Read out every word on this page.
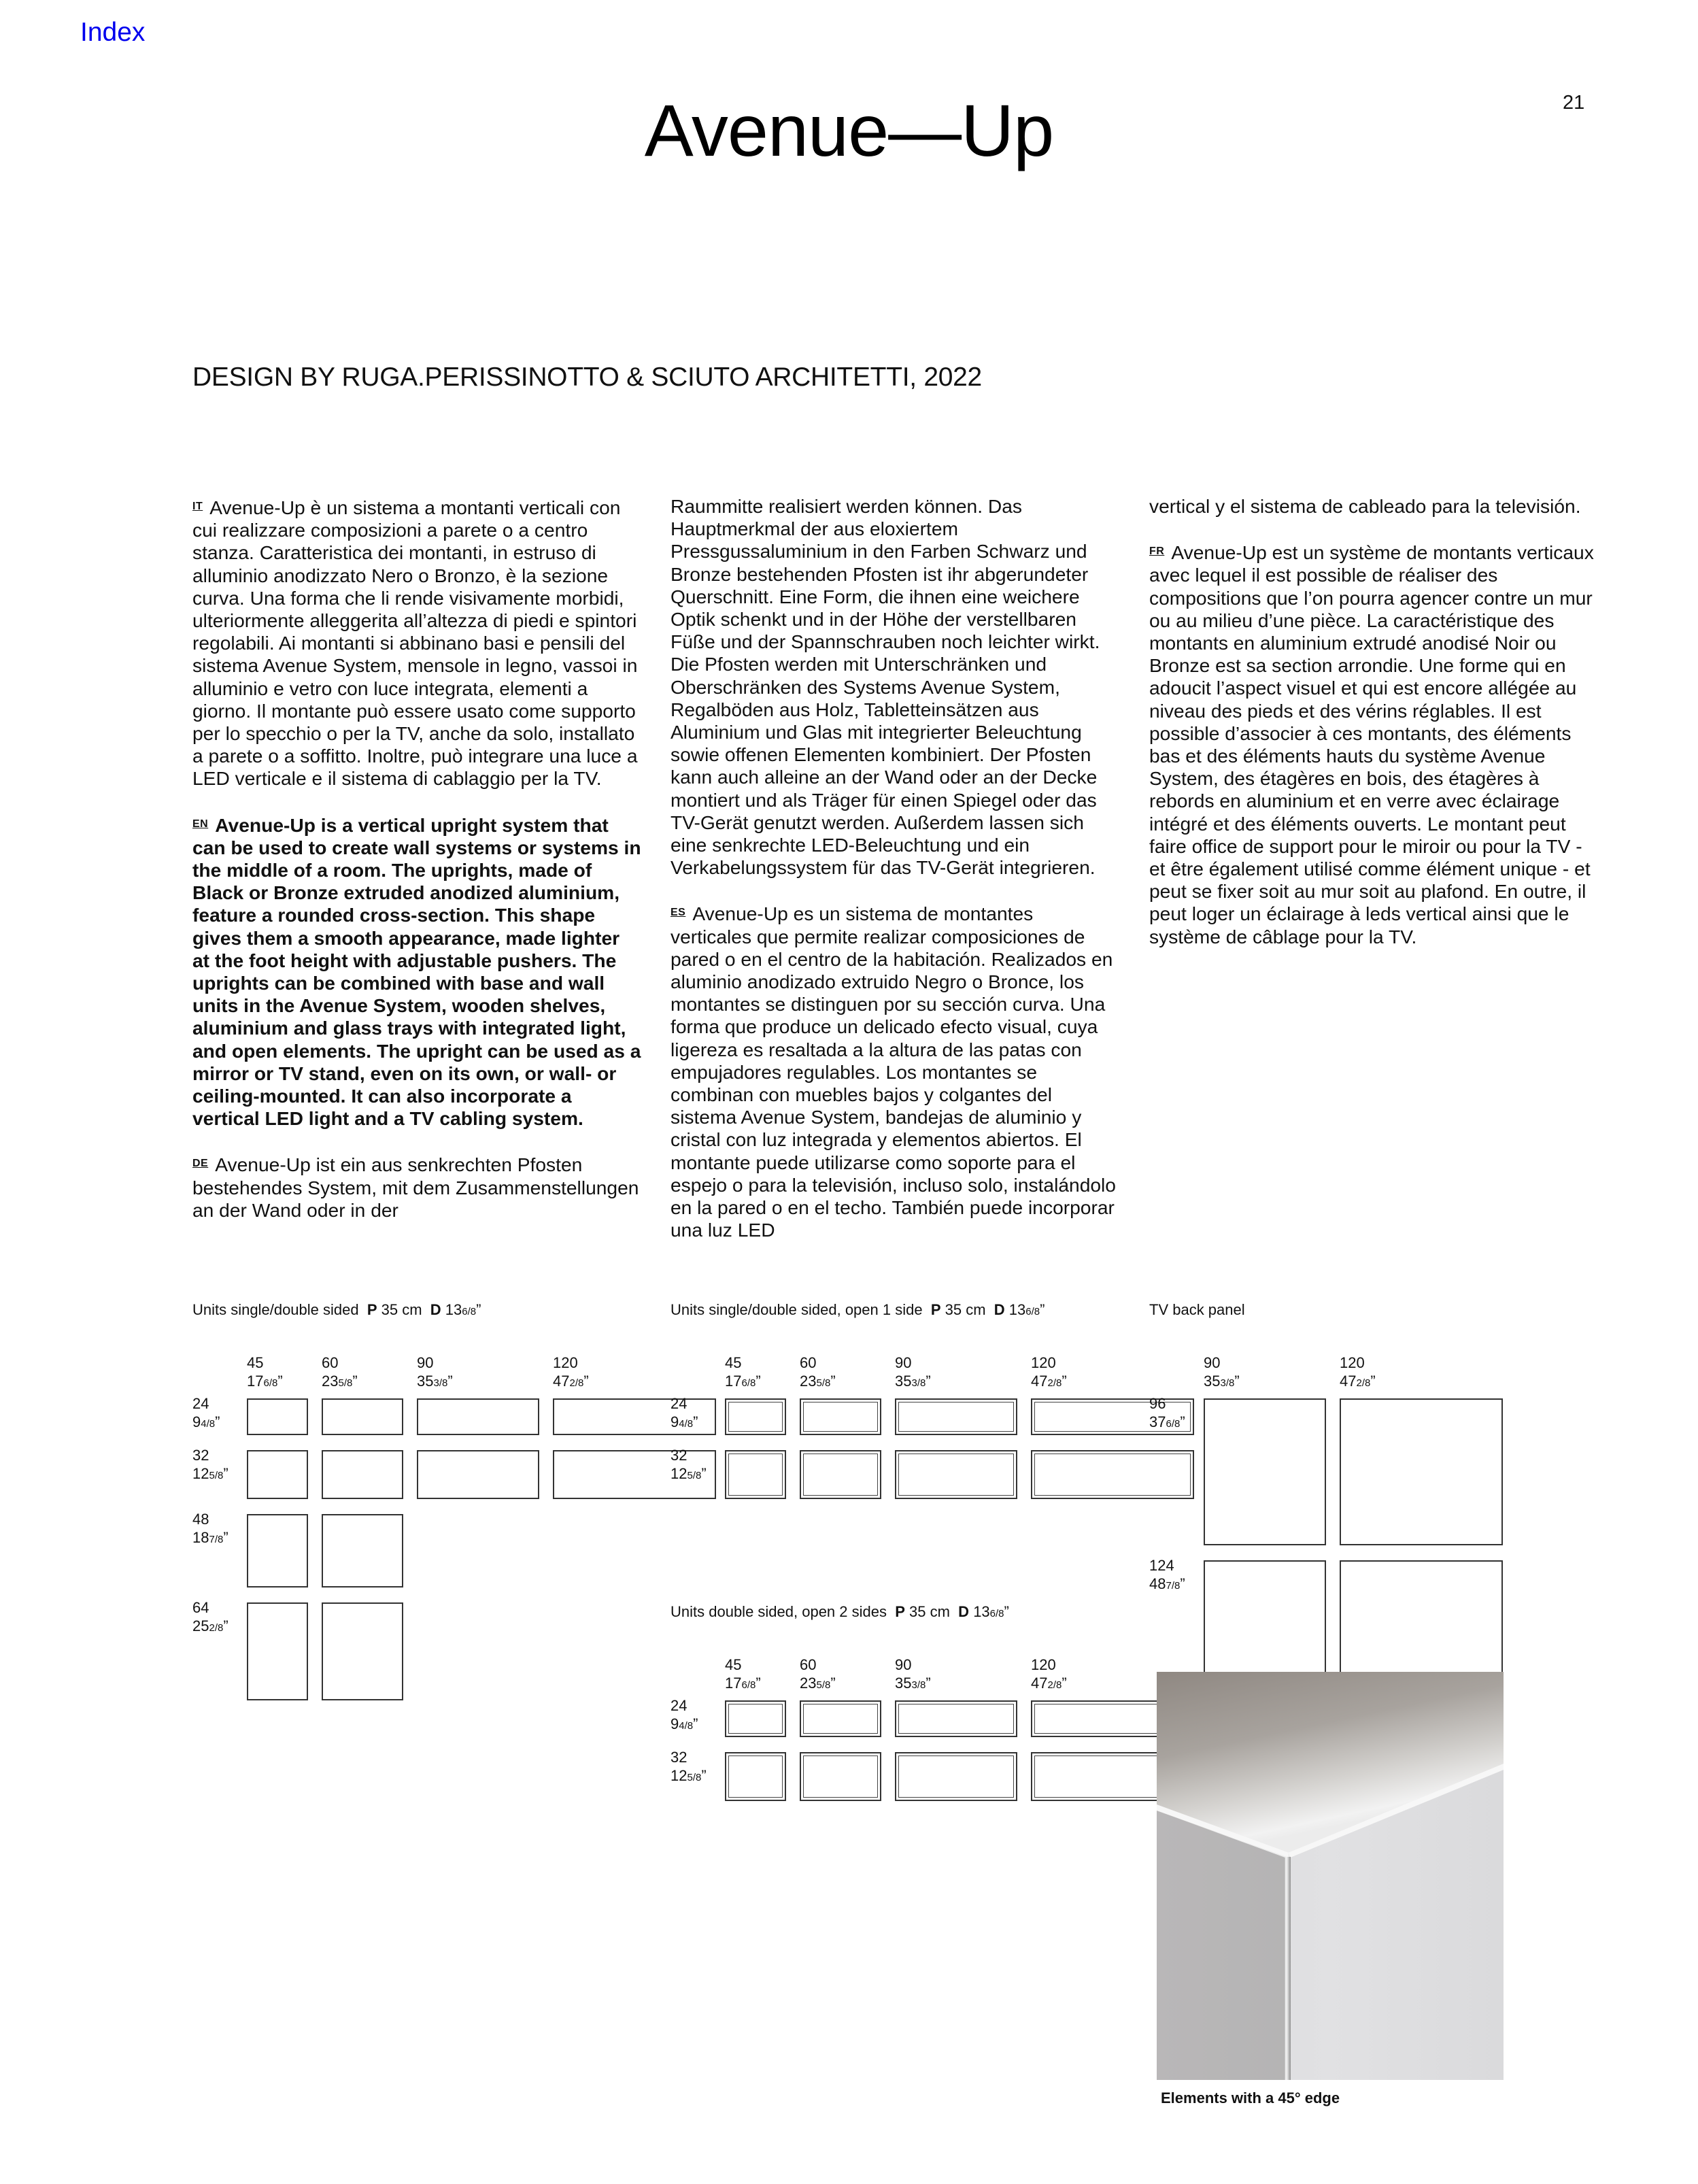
Index
21
Avenue—Up
DESIGN BY RUGA.PERISSINOTTO & SCIUTO ARCHITETTI, 2022

$^{IT}$ Avenue-Up è un sistema a montanti verticali con cui realizzare composizioni a parete o a centro stanza. Caratteristica dei montanti, in estruso di alluminio anodizzato Nero o Bronzo, è la sezione curva. Una forma che li rende visivamente morbidi, ulteriormente alleggerita all’altezza di piedi e spintori regolabili. Ai montanti si abbinano basi e pensili del sistema Avenue System, mensole in legno, vassoi in alluminio e vetro con luce integrata, elementi a giorno. Il montante può essere usato come supporto per lo specchio o per la TV, anche da solo, installato a parete o a soffitto. Inoltre, può integrare una luce a LED verticale e il sistema di cablaggio per la TV.

$^{EN}$ Avenue-Up is a vertical upright system that can be used to create wall systems or systems in the middle of a room. The uprights, made of Black or Bronze extruded anodized aluminium, feature a rounded cross-section. This shape gives them a smooth appearance, made lighter at the foot height with adjustable pushers. The uprights can be combined with base and wall units in the Avenue System, wooden shelves, aluminium and glass trays with integrated light, and open elements. The upright can be used as a mirror or TV stand, even on its own, or wall- or ceiling-mounted. It can also incorporate a vertical LED light and a TV cabling system.

$^{DE}$ Avenue-Up ist ein aus senkrechten Pfosten bestehendes System, mit dem Zusammenstellungen an der Wand oder in der

Raummitte realisiert werden können. Das Hauptmerkmal der aus eloxiertem Pressgussaluminium in den Farben Schwarz und Bronze bestehenden Pfosten ist ihr abgerundeter Querschnitt. Eine Form, die ihnen eine weichere Optik schenkt und in der Höhe der verstellbaren Füße und der Spannschrauben noch leichter wirkt. Die Pfosten werden mit Unterschränken und Oberschränken des Systems Avenue System, Regalböden aus Holz, Tabletteinsätzen aus Aluminium und Glas mit integrierter Beleuchtung sowie offenen Elementen kombiniert. Der Pfosten kann auch alleine an der Wand oder an der Decke montiert und als Träger für einen Spiegel oder das TV-Gerät genutzt werden. Außerdem lassen sich eine senkrechte LED-Beleuchtung und ein Verkabelungssystem für das TV-Gerät integrieren.

$^{ES}$ Avenue-Up es un sistema de montantes verticales que permite realizar composiciones de pared o en el centro de la habitación. Realizados en aluminio anodizado extruido Negro o Bronce, los montantes se distinguen por su sección curva. Una forma que produce un delicado efecto visual, cuya ligereza es resaltada a la altura de las patas con empujadores regulables. Los montantes se combinan con muebles bajos y colgantes del sistema Avenue System, bandejas de aluminio y cristal con luz integrada y elementos abiertos. El montante puede utilizarse como soporte para el espejo o para la televisión, incluso solo, instalándolo en la pared o en el techo. También puede incorporar una luz LED

vertical y el sistema de cableado para la televisión.

$^{FR}$ Avenue-Up est un système de montants verticaux avec lequel il est possible de réaliser des compositions que l’on pourra agencer contre un mur ou au milieu d’une pièce. La caractéristique des montants en aluminium extrudé anodisé Noir ou Bronze est sa section arrondie. Une forme qui en adoucit l’aspect visuel et qui est encore allégée au niveau des pieds et des vérins réglables. Il est possible d’associer à ces montants, des éléments bas et des éléments hauts du système Avenue System, des étagères en bois, des étagères à rebords en aluminium et en verre avec éclairage intégré et des éléments ouverts. Le montant peut faire office de support pour le miroir ou pour la TV - et être également utilisé comme élément unique - et peut se fixer soit au mur soit au plafond. En outre, il peut loger un éclairage à leds vertical ainsi que le système de câblage pour la TV.

Units single/double sided P 35 cm  D 136/8”
45
176/8”
60
235/8”
90
353/8”
120
472/8”
24
94/8”
32
125/8”
48
187/8”
64
252/8”
Units single/double sided, open 1 side P 35 cm  D 136/8”
45
176/8”
60
235/8”
90
353/8”
120
472/8”
24
94/8”
32
125/8”
TV back panel
90
353/8”
120
472/8”
96
376/8”
124
487/8”
Units double sided, open 2 sides P 35 cm  D 136/8”
45
176/8”
60
235/8”
90
353/8”
120
472/8”
24
94/8”
32
125/8”
Elements with a 45° edge
